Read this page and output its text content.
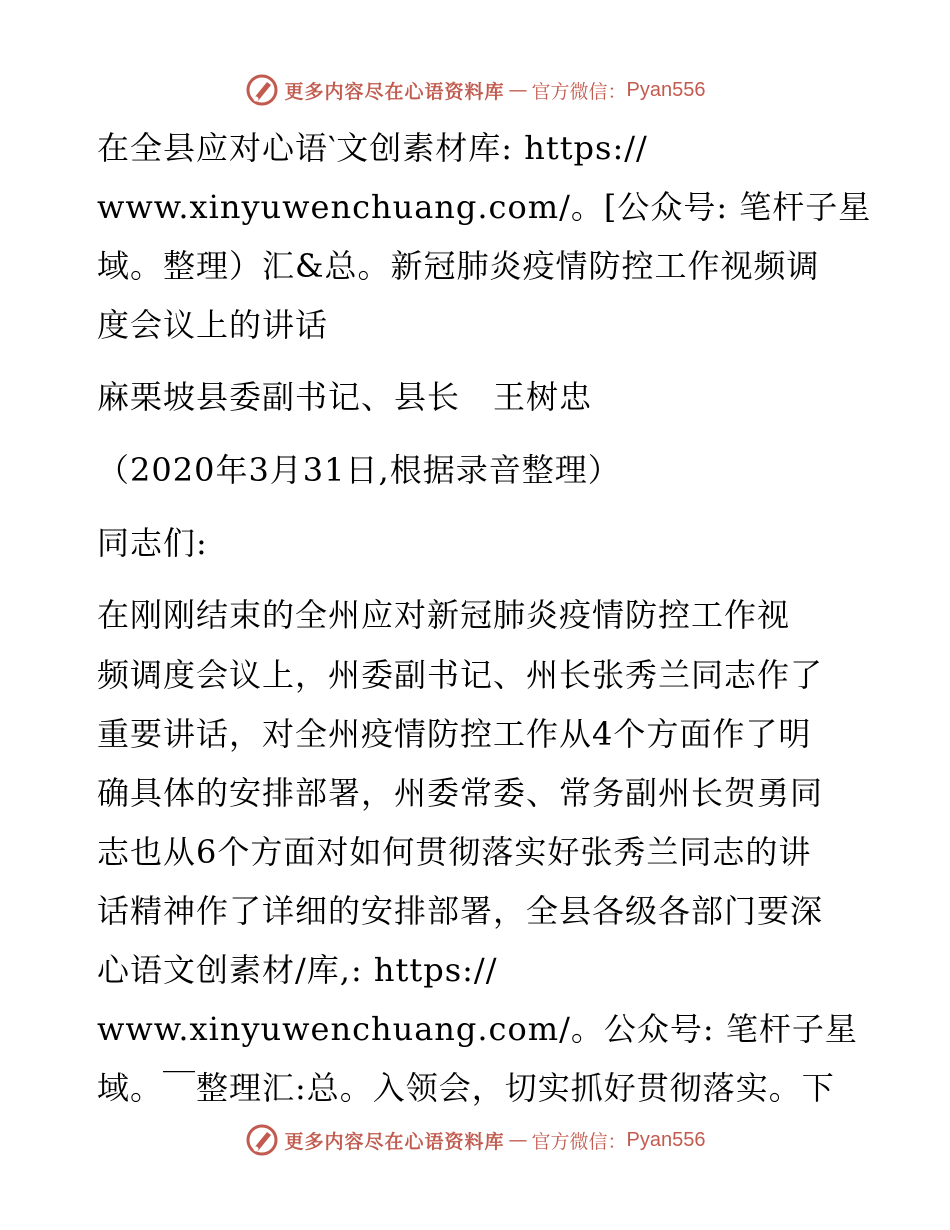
更多内容尽在心语资料库 — 官方微信： Pyan556
在全县应对心语‵文创素材库: https://
www.xinyuwenchuang.com/。[公众号: 笔杆子星
域。整理）汇&总。新冠肺炎疫情防控工作视频调
度会议上的讲话
麻栗坡县委副书记、县长　王树忠
（2020年3月31日,根据录音整理）
同志们:
在刚刚结束的全州应对新冠肺炎疫情防控工作视
频调度会议上，州委副书记、州长张秀兰同志作了
重要讲话，对全州疫情防控工作从4个方面作了明
确具体的安排部署，州委常委、常务副州长贺勇同
志也从6个方面对如何贯彻落实好张秀兰同志的讲
话精神作了详细的安排部署，全县各级各部门要深
心语文创素材/库,: https://
www.xinyuwenchuang.com/。公众号: 笔杆子星
域。￣整理汇:总。入领会，切实抓好贯彻落实。下
更多内容尽在心语资料库 — 官方微信： Pyan556
